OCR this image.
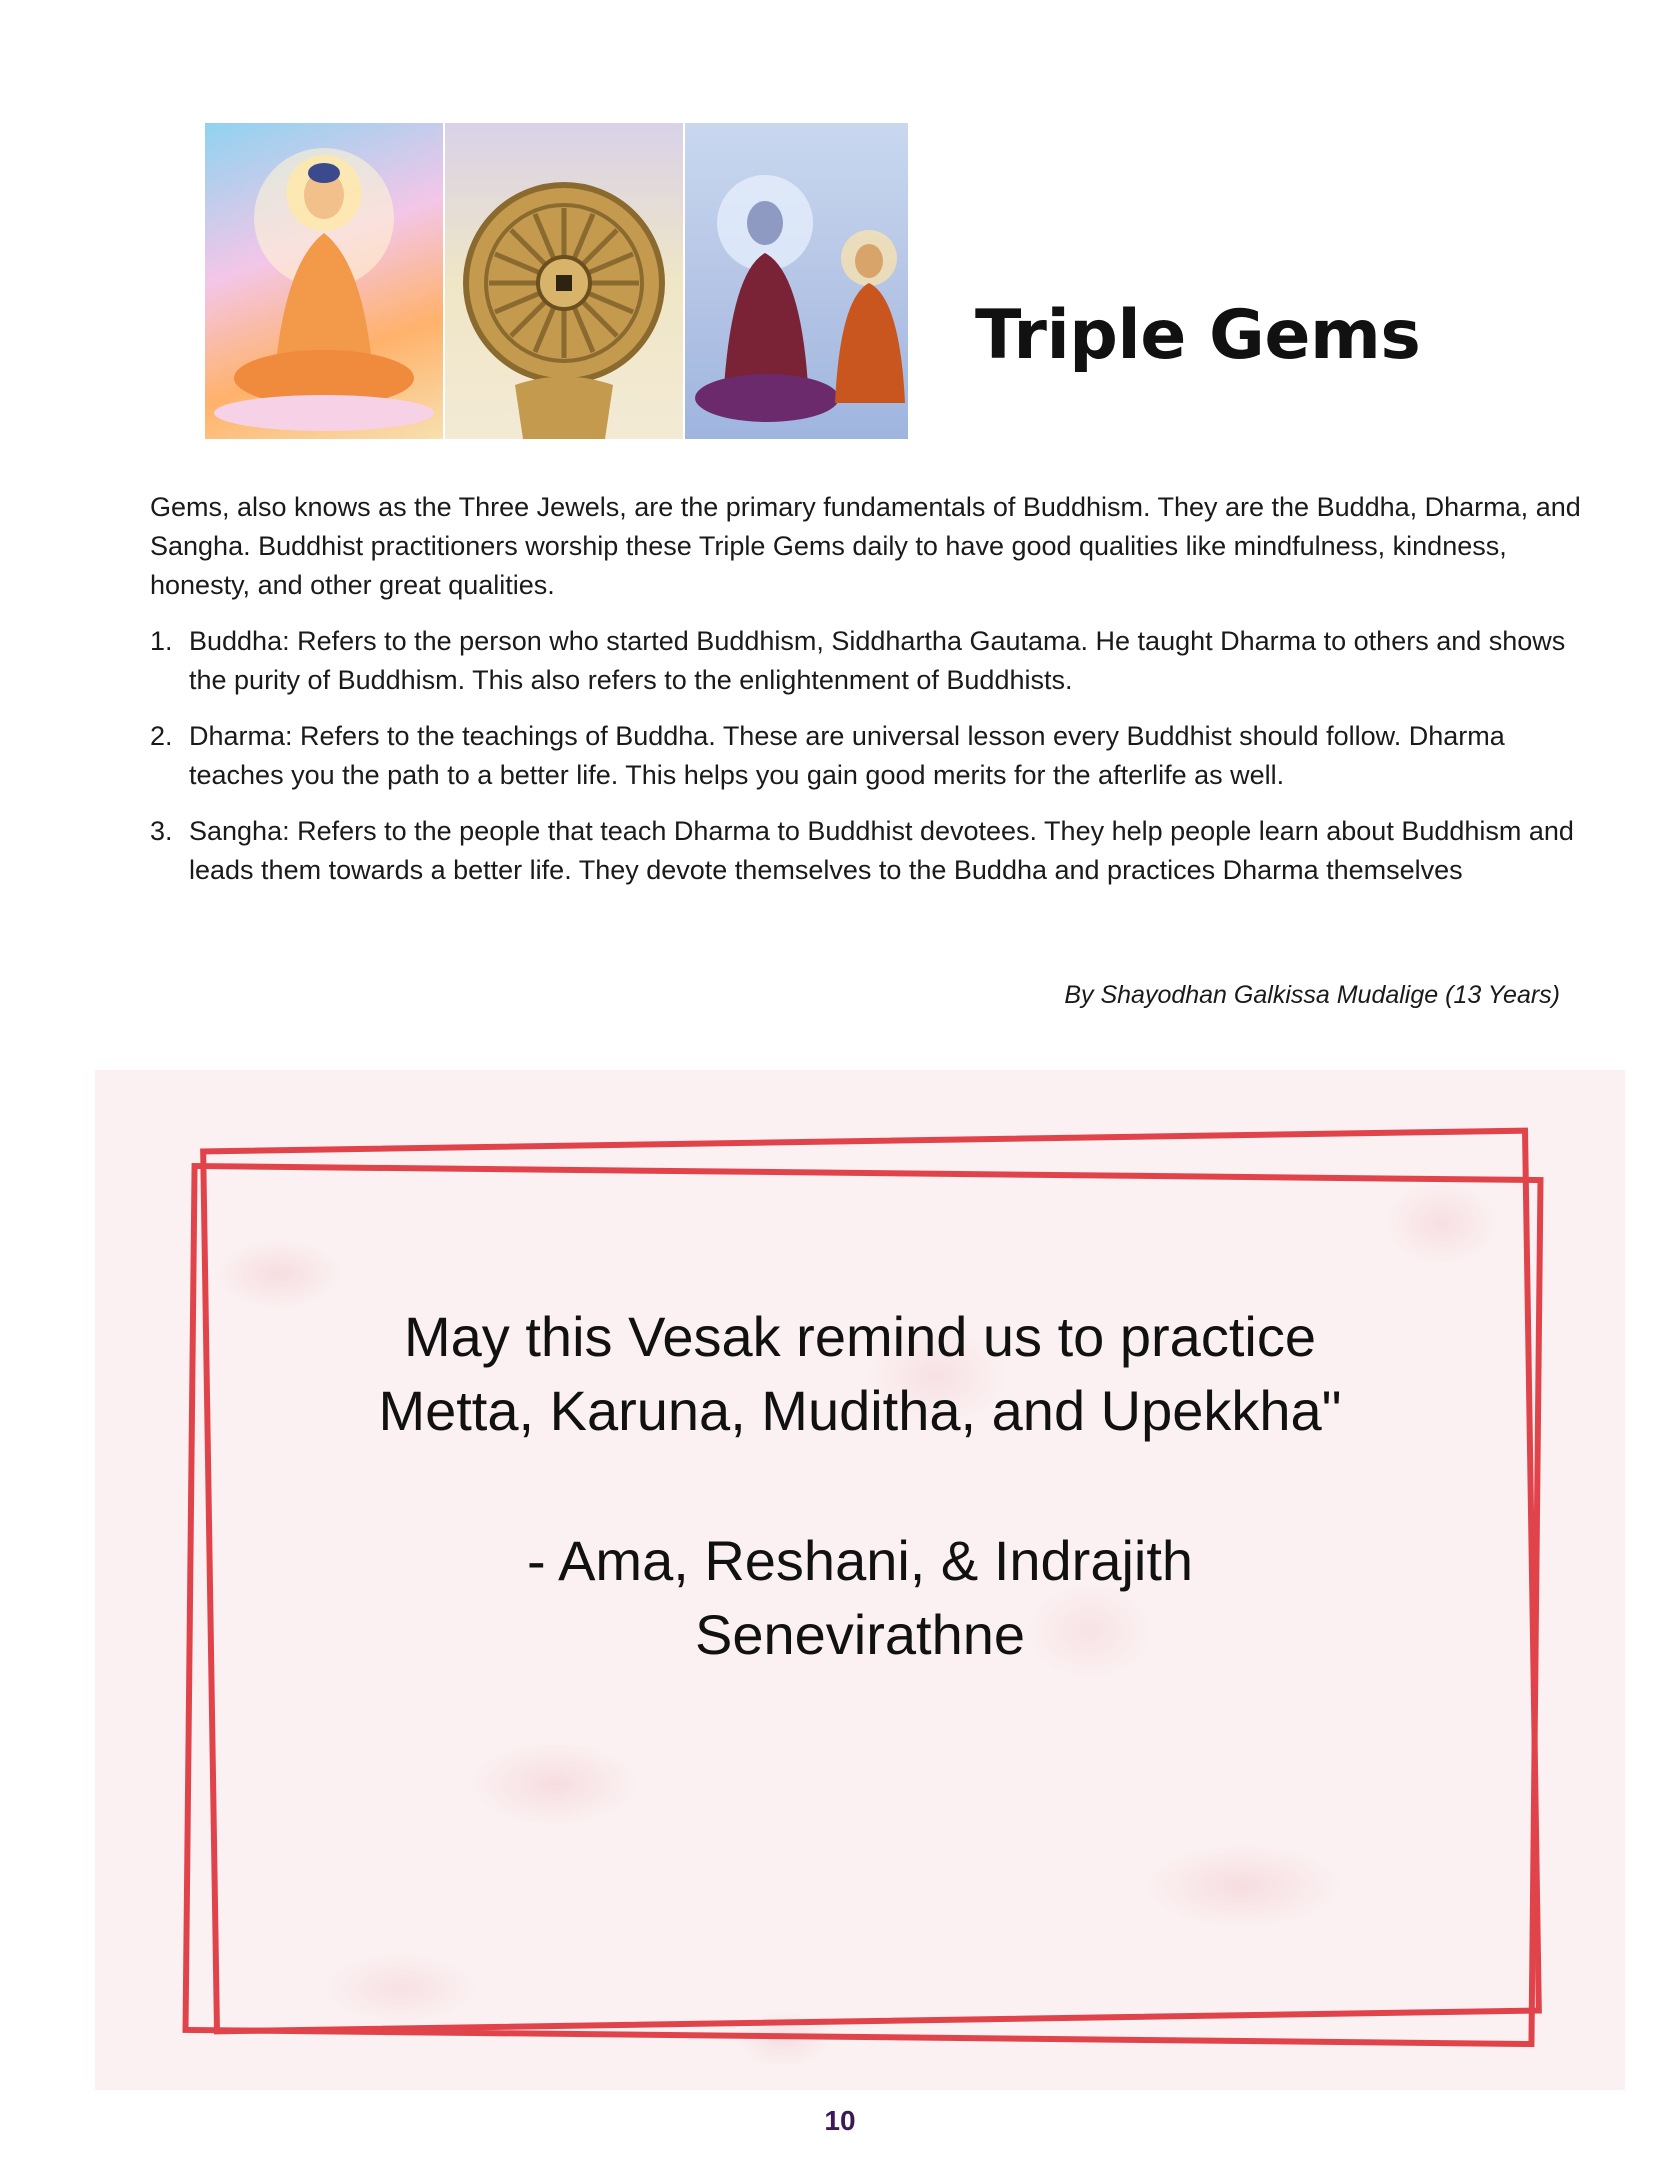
Triple Gems

Gems, also knows as the Three Jewels, are the primary fundamentals of Buddhism. They are the Buddha, Dharma, and Sangha. Buddhist practitioners worship these Triple Gems daily to have good qualities like mindfulness, kindness, honesty, and other great qualities.

1. Buddha: Refers to the person who started Buddhism, Siddhartha Gautama. He taught Dharma to others and shows the purity of Buddhism. This also refers to the enlightenment of Buddhists.
2. Dharma: Refers to the teachings of Buddha. These are universal lesson every Buddhist should follow. Dharma teaches you the path to a better life. This helps you gain good merits for the afterlife as well.
3. Sangha: Refers to the people that teach Dharma to Buddhist devotees. They help people learn about Buddhism and leads them towards a better life. They devote themselves to the Buddha and practices Dharma themselves
By Shayodhan Galkissa Mudalige (13 Years)
May this Vesak remind us to practice
Metta, Karuna, Muditha, and Upekkha"
- Ama, Reshani, & Indrajith
Senevirathne
10
